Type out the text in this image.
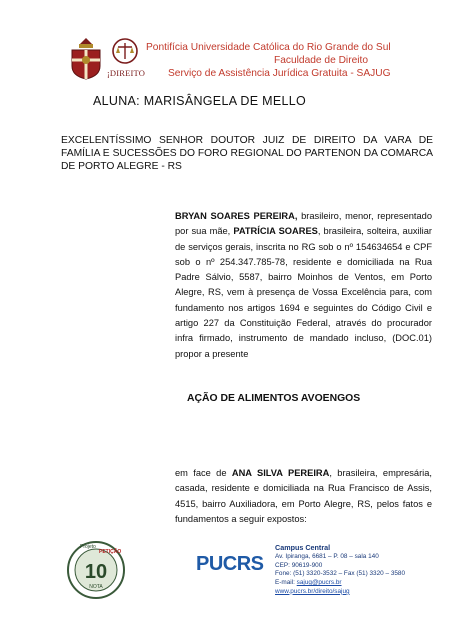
¡DIREITO
Pontifícia Universidade Católica do Rio Grande do Sul
Faculdade de Direito
Serviço de Assistência Jurídica Gratuita - SAJUG
ALUNA: MARISÂNGELA DE MELLO
EXCELENTÍSSIMO SENHOR DOUTOR JUIZ DE DIREITO DA VARA DE FAMÍLIA E SUCESSÕES DO FORO REGIONAL DO PARTENON DA COMARCA DE PORTO ALEGRE - RS
BRYAN SOARES PEREIRA, brasileiro, menor, representado por sua mãe, PATRÍCIA SOARES, brasileira, solteira, auxiliar de serviços gerais, inscrita no RG sob o nº 154634654 e CPF sob o nº 254.347.785-78, residente e domiciliada na Rua Padre Sálvio, 5587, bairro Moinhos de Ventos, em Porto Alegre, RS, vem à presença de Vossa Excelência para, com fundamento nos artigos 1694 e seguintes do Código Civil e artigo 227 da Constituição Federal, através do procurador infra firmado, instrumento de mandado incluso, (DOC.01) propor a presente
AÇÃO DE ALIMENTOS AVOENGOS
em face de ANA SILVA PEREIRA, brasileira, empresária, casada, residente e domiciliada na Rua Francisco de Assis, 4515, bairro Auxiliadora, em Porto Alegre, RS, pelos fatos e fundamentos a seguir expostos:
Projeto
PETIÇÃO
10
NOTA
PUCRS
Campus Central
Av. Ipiranga, 6681 – P. 08 – sala 140
CEP: 90619-900
Fone: (51) 3320-3532 – Fax (51) 3320 – 3580
E-mail: sajug@pucrs.br
www.pucrs.br/direito/sajug
